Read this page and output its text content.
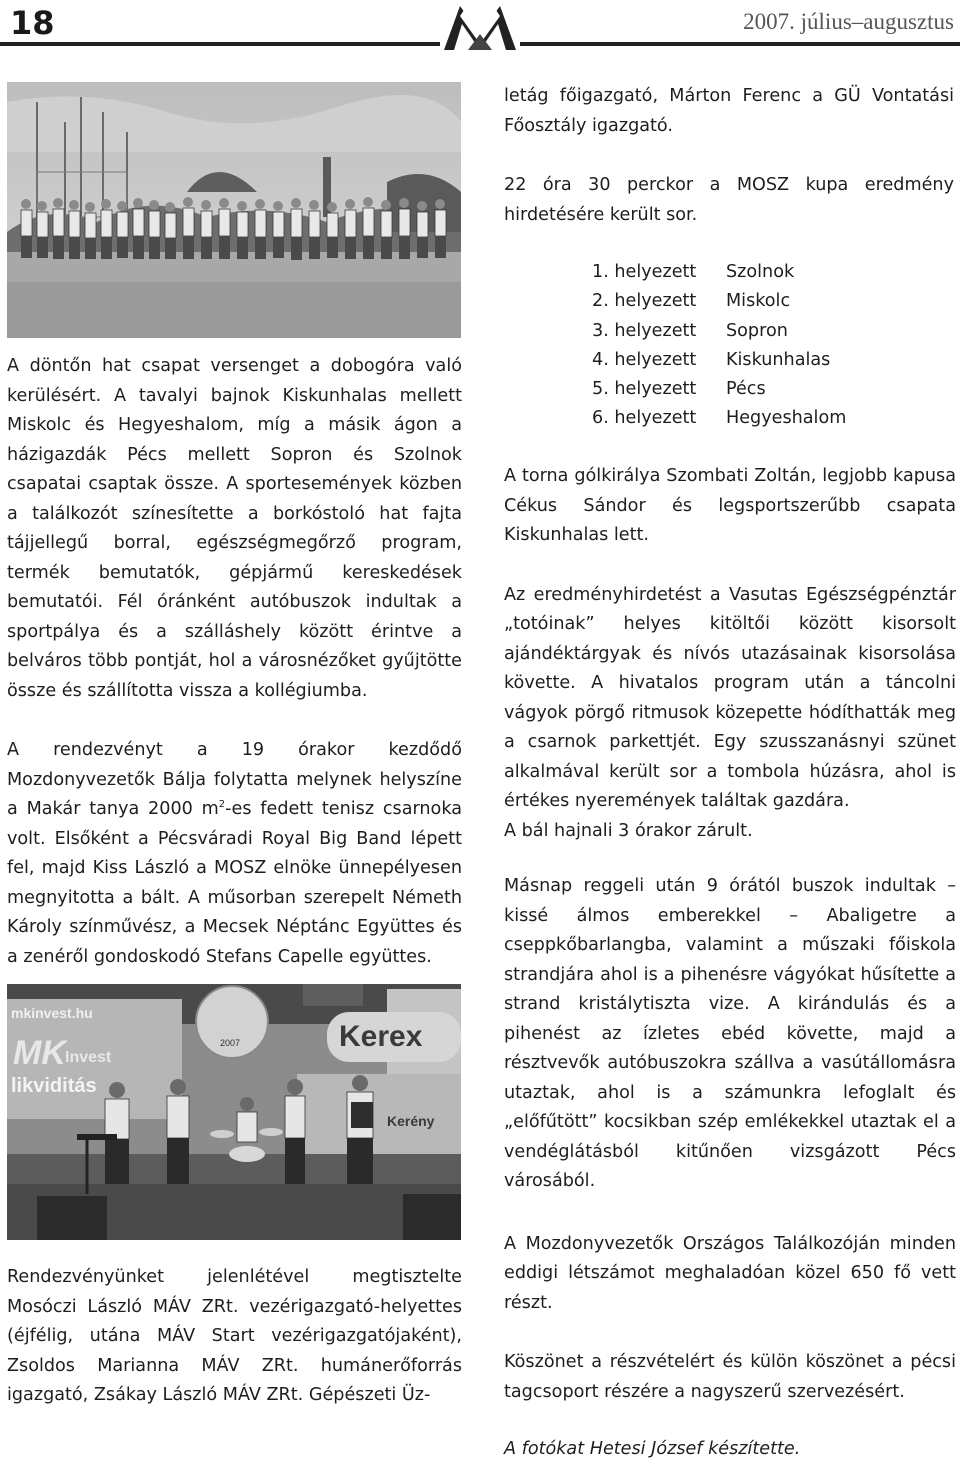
18	2007. július–augusztus

A döntőn hat csapat versenget a dobogóra való kerülésért. A tavalyi bajnok Kiskunhalas mellett Miskolc és Hegyeshalom, míg a másik ágon a házigazdák Pécs mellett Sopron és Szolnok csapatai csaptak össze. A sportesemények közben a találkozót színesítette a borkóstoló hat fajta tájjellegű borral, egészségmegőrző program, termék bemutatók, gépjármű kereskedések bemutatói. Fél óránként autóbuszok indultak a sportpálya és a szálláshely között érintve a belváros több pontját, hol a városnézőket gyűjtötte össze és szállította vissza a kollégiumba.

A rendezvényt a 19 órakor kezdődő Mozdonyvezetők Bálja folytatta melynek helyszíne a Makár tanya 2000 $m^2-es$ fedett tenisz csarnoka volt. Elsőként a Pécsváradi Royal Big Band lépett fel, majd Kiss László a MOSZ elnöke ünnepélyesen megnyitotta a bált. A műsorban szerepelt Németh Károly színművész, a Mecsek Néptánc Együttes és a zenéről gondoskodó Stefans Capelle együttes.

mkinvest.hu
MK Invest
likviditás
2007	Kerex
Kerény

Rendezvényünket jelenlétével megtisztelte Mosóczi László MÁV ZRt. vezérigazgató-helyettes (éjfélig, utána MÁV Start vezérigazgatójaként), Zsoldos Marianna MÁV ZRt. humánerőforrás igazgató, Zsákay László MÁV ZRt. Gépészeti Üz-

letág főigazgató, Márton Ferenc a GÜ Vontatási Főosztály igazgató.

22 óra 30 perckor a MOSZ kupa eredmény hirdetésére került sor.

1. helyezett	Szolnok
2. helyezett	Miskolc
3. helyezett	Sopron
4. helyezett	Kiskunhalas
5. helyezett	Pécs
6. helyezett	Hegyeshalom

A torna gólkirálya Szombati Zoltán, legjobb kapusa Cékus Sándor és legsportszerűbb csapata Kiskunhalas lett.

Az eredményhirdetést a Vasutas Egészségpénztár „totóinak” helyes kitöltői között kisorsolt ajándéktárgyak és nívós utazásainak kisorsolása követte. A hivatalos program után a táncolni vágyok pörgő ritmusok közepette hódíthatták meg a csarnok parkettjét. Egy szusszanásnyi szünet alkalmával került sor a tombola húzásra, ahol is értékes nyeremények találtak gazdára.

A bál hajnali 3 órakor zárult.

Másnap reggeli után 9 órától buszok indultak – kissé álmos emberekkel – Abaligetre a cseppkőbarlangba, valamint a műszaki főiskola strandjára ahol is a pihenésre vágyókat hűsítette a strand kristálytiszta vize. A kirándulás és a pihenést az ízletes ebéd követte, majd a résztvevők autóbuszokra szállva a vasútállomásra utaztak, ahol is a számunkra lefoglalt és „előfűtött” kocsikban szép emlékekkel utaztak el a vendéglátásból kitűnően vizsgázott Pécs városából.

A Mozdonyvezetők Országos Találkozóján minden eddigi létszámot meghaladóan közel 650 fő vett részt.

Köszönet a részvételért és külön köszönet a pécsi tagcsoport részére a nagyszerű szervezésért.

A fotókat Hetesi József készítette.
